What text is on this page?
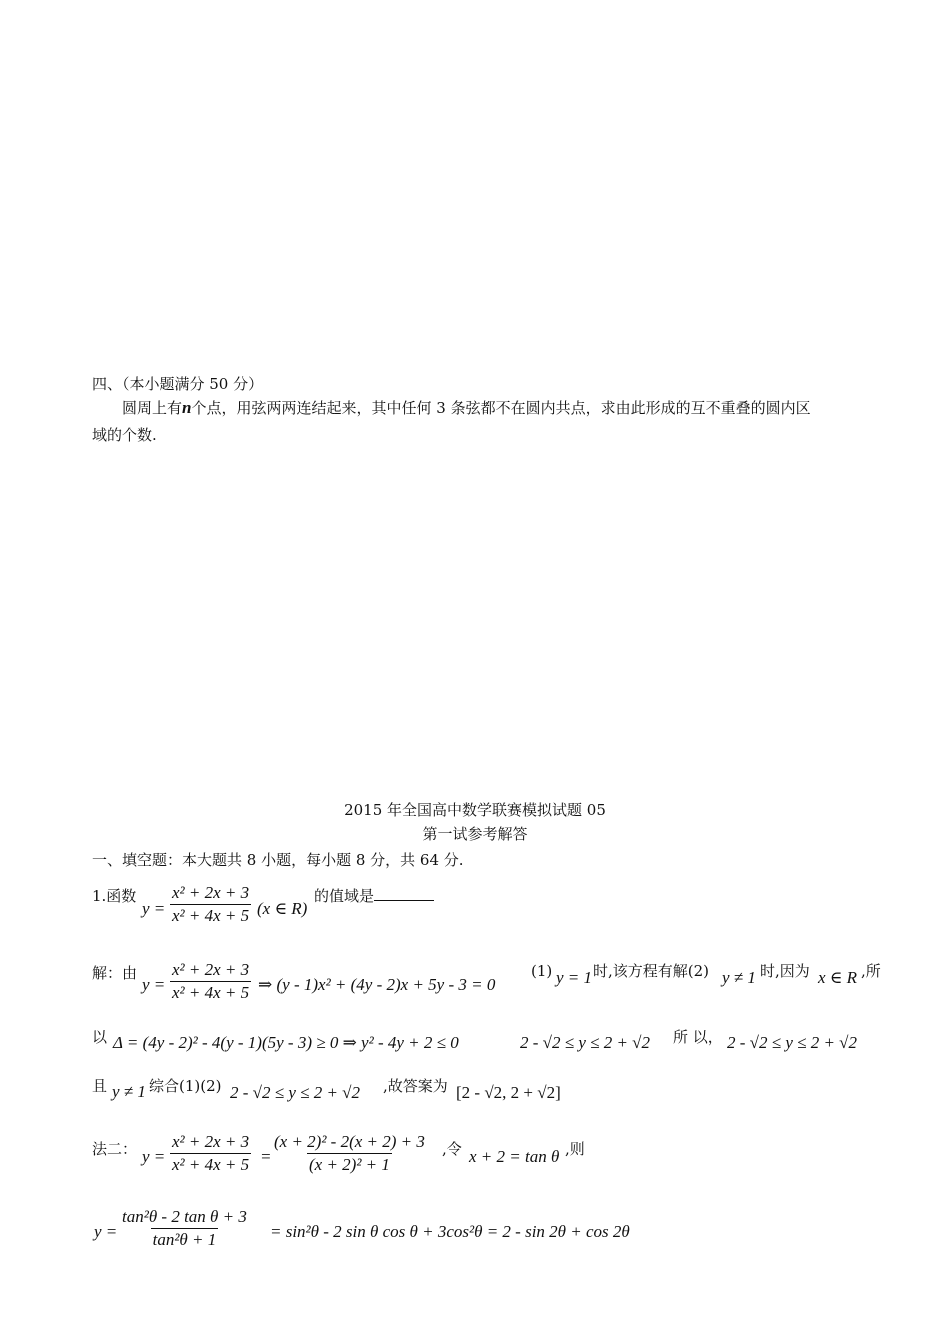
四、（本小题满分 50 分）
圆周上有n个点，用弦两两连结起来，其中任何 3 条弦都不在圆内共点，求由此形成的互不重叠的圆内区
域的个数.
2015 年全国高中数学联赛模拟试题 05
第一试参考解答
一、填空题：本大题共 8 小题，每小题 8 分，共 64 分.
1.函数
$y = \frac{\text{x² + 2x + 3}}{\text{x² + 4x + 5}} (x$ ∈ R)
的值域是
解：由
$y = \frac{\text{x² + 2x + 3}}{\text{x² + 4x + 5}}$ ⇒ (y - 1)x² + (4y - 2)x + 5y - 3 = 0
(1) y = 1 时,该方程有解(2) y ≠ 1 时,因为 x ∈ R ,所
以 Δ = (4y - 2)² - 4(y - 1)(5y - 3) ≥ 0 ⇒ y² - 4y + 2 ≤ 0	2 - √2 ≤ y ≤ 2 + √2 所 以， 2 - √2 ≤ y ≤ 2 + √2
且 y ≠ 1 综合(1)(2) 2 - √2 ≤ y ≤ 2 + √2 ,故答案为 [2 - √2, 2 + √2]
法二： $y = \frac{\text{x² + 2x + 3}}{\text{x² + 4x + 5}} = \frac{\text{(x + 2)² - 2(x + 2) + 3}}{\text{(x + 2)² + 1}}$ ,令 x + 2 = tan θ ,则
$y = \frac{\text{tan²θ - 2 tan θ + 3}}{\text{tan²θ + 1}} = \sin^2\theta - 2$ sin θ cos θ + 3cos²θ = 2 - sin 2θ + cos 2θ
